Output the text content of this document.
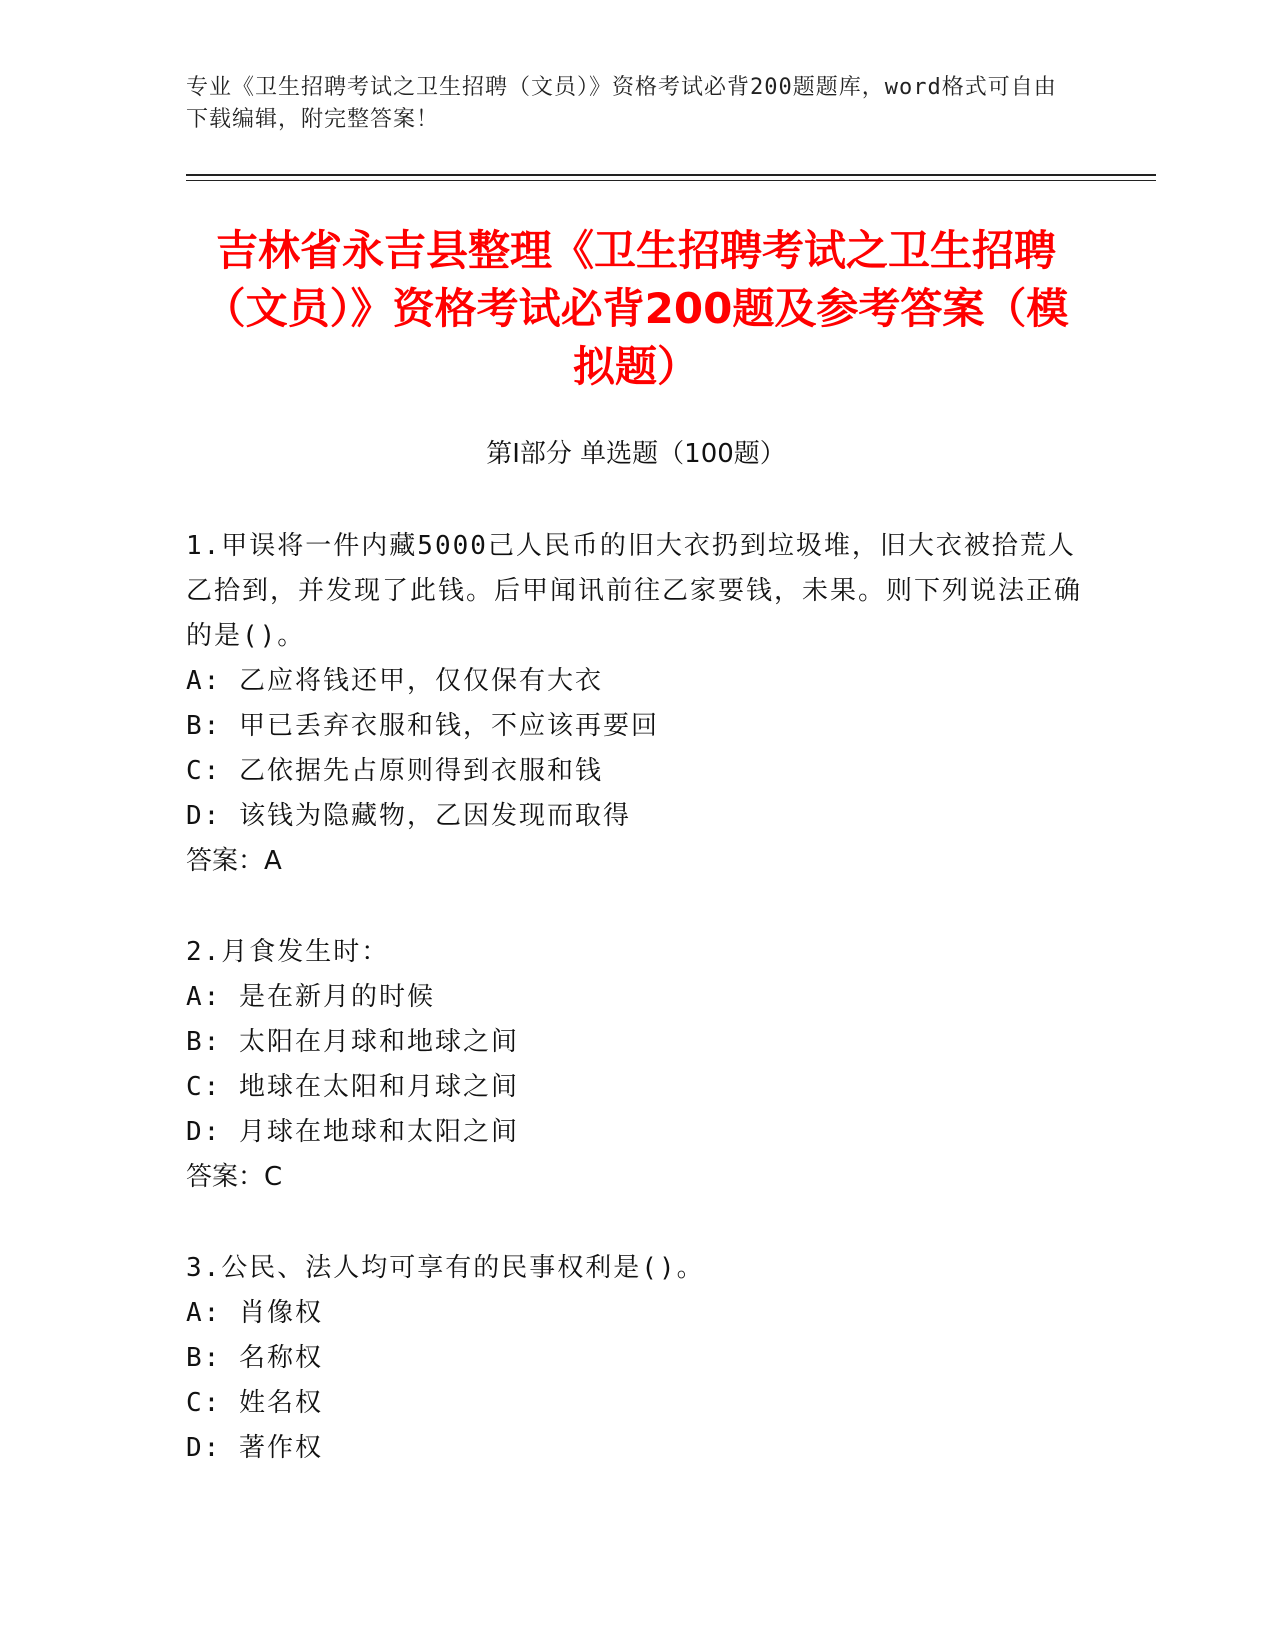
专业《卫生招聘考试之卫生招聘（文员）》资格考试必背200题题库，word格式可自由下载编辑，附完整答案！
吉林省永吉县整理《卫生招聘考试之卫生招聘（文员）》资格考试必背200题及参考答案（模拟题）
第I部分 单选题（100题）
1.甲误将一件内藏5000己人民币的旧大衣扔到垃圾堆，旧大衣被拾荒人乙拾到，并发现了此钱。后甲闻讯前往乙家要钱，未果。则下列说法正确的是()。
A: 乙应将钱还甲，仅仅保有大衣
B: 甲已丢弃衣服和钱，不应该再要回
C: 乙依据先占原则得到衣服和钱
D: 该钱为隐藏物，乙因发现而取得
答案：A
2.月食发生时：
A: 是在新月的时候
B: 太阳在月球和地球之间
C: 地球在太阳和月球之间
D: 月球在地球和太阳之间
答案：C
3.公民、法人均可享有的民事权利是()。
A: 肖像权
B: 名称权
C: 姓名权
D: 著作权
